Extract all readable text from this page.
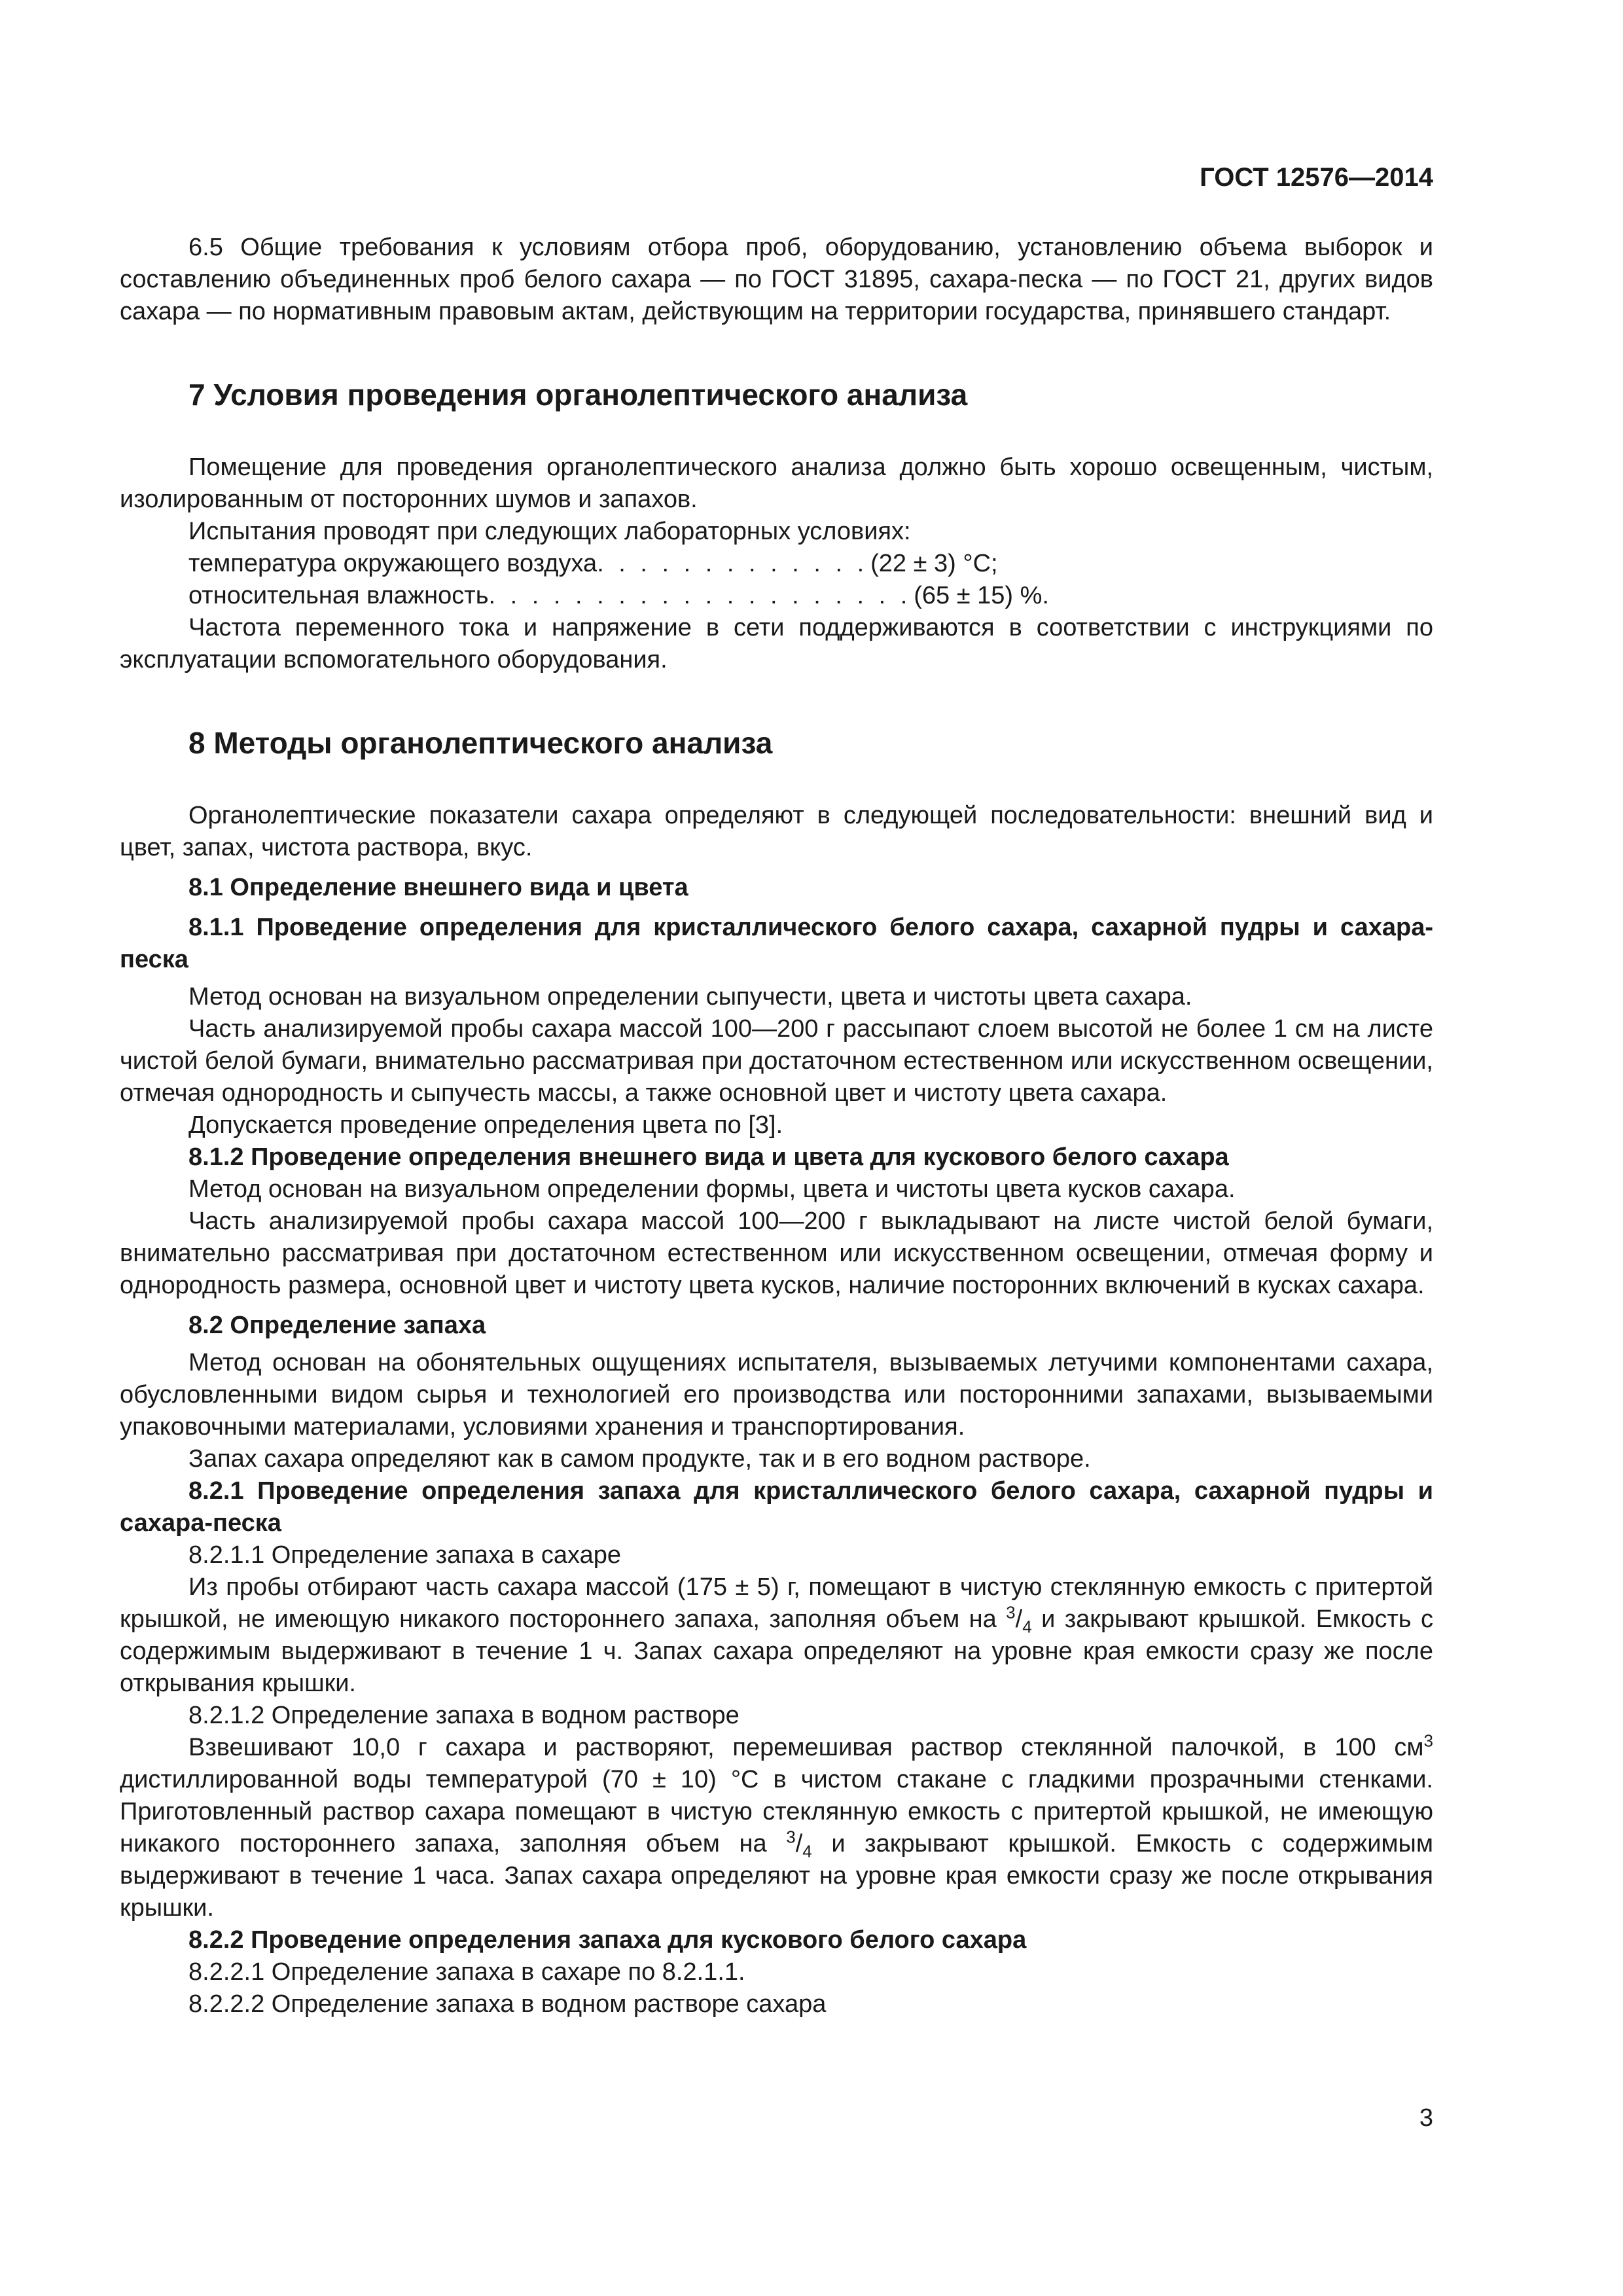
ГОСТ 12576—2014

6.5 Общие требования к условиям отбора проб, оборудованию, установлению объема выборок и составлению объединенных проб белого сахара — по ГОСТ 31895, сахара-песка — по ГОСТ 21, других видов сахара — по нормативным правовым актам, действующим на территории государства, принявшего стандарт.

7 Условия проведения органолептического анализа

Помещение для проведения органолептического анализа должно быть хорошо освещенным, чистым, изолированным от посторонних шумов и запахов.

Испытания проводят при следующих лабораторных условиях:

температура окружающего воздуха . . . . . . . . . . . . . (22 ± 3) °С;
относительная влажность . . . . . . . . . . . . . . . . . . . . (65 ± 15) %.

Частота переменного тока и напряжение в сети поддерживаются в соответствии с инструкциями по эксплуатации вспомогательного оборудования.

8 Методы органолептического анализа

Органолептические показатели сахара определяют в следующей последовательности: внешний вид и цвет, запах, чистота раствора, вкус.

8.1 Определение внешнего вида и цвета
8.1.1 Проведение определения для кристаллического белого сахара, сахарной пудры и сахара-песка

Метод основан на визуальном определении сыпучести, цвета и чистоты цвета сахара.

Часть анализируемой пробы сахара массой 100—200 г рассыпают слоем высотой не более 1 см на листе чистой белой бумаги, внимательно рассматривая при достаточном естественном или искусственном освещении, отмечая однородность и сыпучесть массы, а также основной цвет и чистоту цвета сахара.

Допускается проведение определения цвета по [3].

8.1.2 Проведение определения внешнего вида и цвета для кускового белого сахара

Метод основан на визуальном определении формы, цвета и чистоты цвета кусков сахара.

Часть анализируемой пробы сахара массой 100—200 г выкладывают на листе чистой белой бумаги, внимательно рассматривая при достаточном естественном или искусственном освещении, отмечая форму и однородность размера, основной цвет и чистоту цвета кусков, наличие посторонних включений в кусках сахара.

8.2 Определение запаха

Метод основан на обонятельных ощущениях испытателя, вызываемых летучими компонентами сахара, обусловленными видом сырья и технологией его производства или посторонними запахами, вызываемыми упаковочными материалами, условиями хранения и транспортирования.

Запах сахара определяют как в самом продукте, так и в его водном растворе.

8.2.1 Проведение определения запаха для кристаллического белого сахара, сахарной пудры и сахара-песка

8.2.1.1 Определение запаха в сахаре

Из пробы отбирают часть сахара массой (175 ± 5) г, помещают в чистую стеклянную емкость с притертой крышкой, не имеющую никакого постороннего запаха, заполняя объем на $^3/_4$ и закрывают крышкой. Емкость с содержимым выдерживают в течение 1 ч. Запах сахара определяют на уровне края емкости сразу же после открывания крышки.

8.2.1.2 Определение запаха в водном растворе

Взвешивают 10,0 г сахара и растворяют, перемешивая раствор стеклянной палочкой, в 100 $см^3$ дистиллированной воды температурой (70 ± 10) °С в чистом стакане с гладкими прозрачными стенками. Приготовленный раствор сахара помещают в чистую стеклянную емкость с притертой крышкой, не имеющую никакого постороннего запаха, заполняя объем на $^3/_4$ и закрывают крышкой. Емкость с содержимым выдерживают в течение 1 часа. Запах сахара определяют на уровне края емкости сразу же после открывания крышки.

8.2.2 Проведение определения запаха для кускового белого сахара

8.2.2.1 Определение запаха в сахаре по 8.2.1.1.

8.2.2.2 Определение запаха в водном растворе сахара

3
